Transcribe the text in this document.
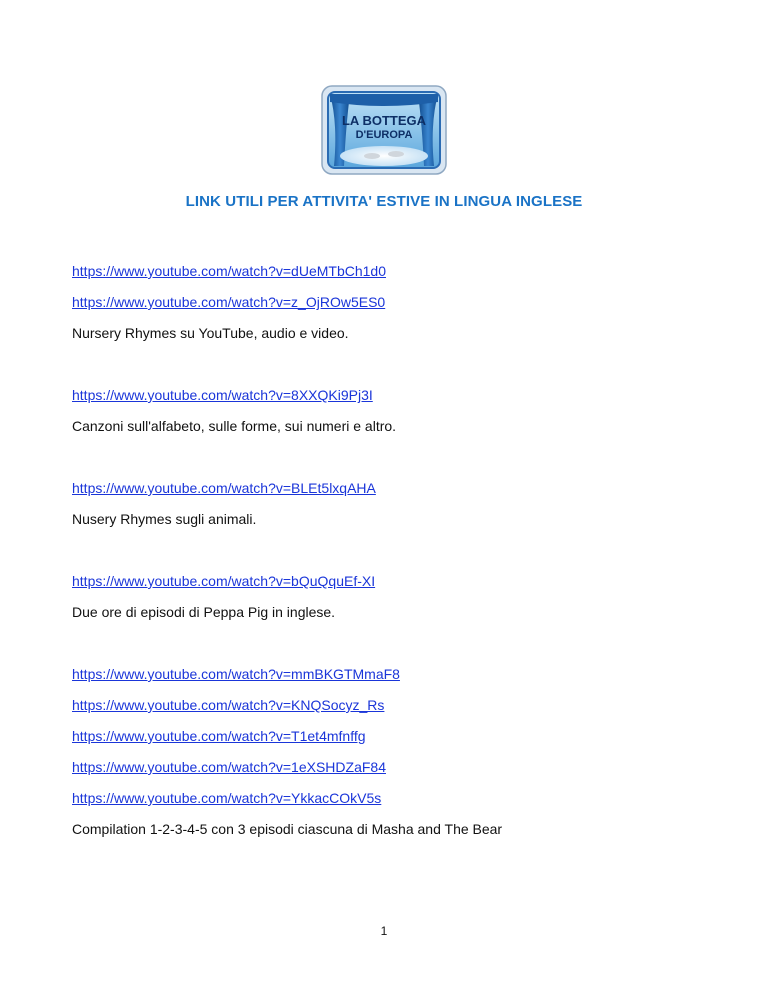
LA BOTTEGA
D'EUROPA
LINK UTILI PER ATTIVITA' ESTIVE IN LINGUA INGLESE
https://www.youtube.com/watch?v=dUeMTbCh1d0
https://www.youtube.com/watch?v=z_OjROw5ES0
Nursery Rhymes su YouTube, audio e video.
https://www.youtube.com/watch?v=8XXQKi9Pj3I
Canzoni sull'alfabeto, sulle forme, sui numeri e altro.
https://www.youtube.com/watch?v=BLEt5lxqAHA
Nusery Rhymes sugli animali.
https://www.youtube.com/watch?v=bQuQquEf-XI
Due ore di episodi di Peppa Pig in inglese.
https://www.youtube.com/watch?v=mmBKGTMmaF8
https://www.youtube.com/watch?v=KNQSocyz_Rs
https://www.youtube.com/watch?v=T1et4mfnffg
https://www.youtube.com/watch?v=1eXSHDZaF84
https://www.youtube.com/watch?v=YkkacCOkV5s
Compilation 1-2-3-4-5 con 3 episodi ciascuna di Masha and The Bear
1
